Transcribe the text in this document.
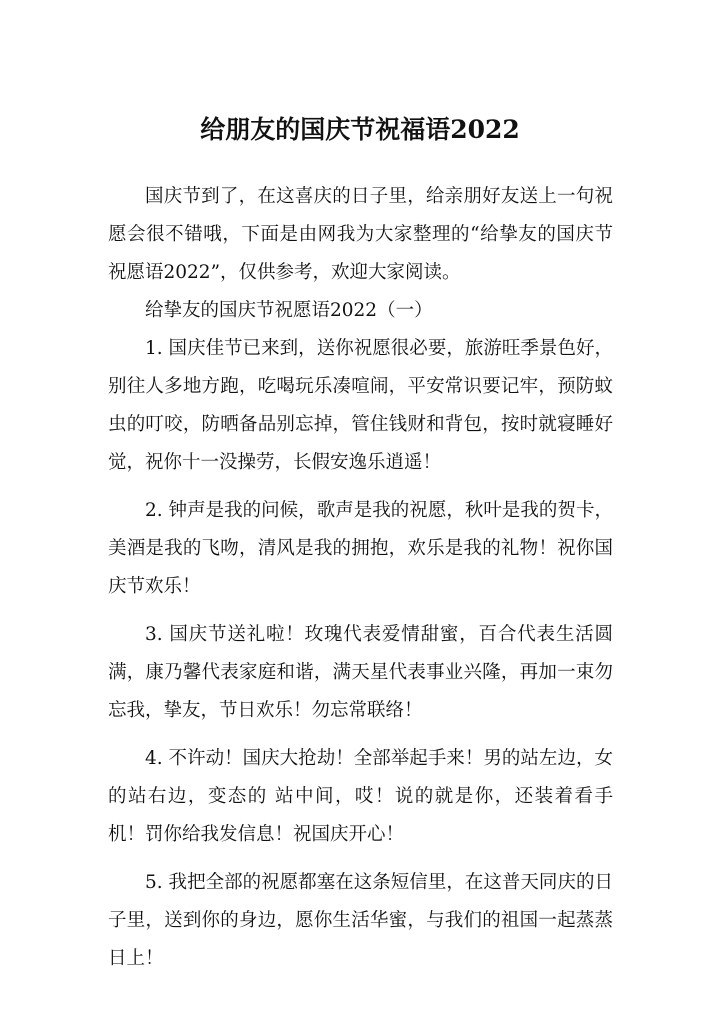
给朋友的国庆节祝福语2022

国庆节到了，在这喜庆的日子里，给亲朋好友送上一句祝愿会很不错哦，下面是由网我为大家整理的“给挚友的国庆节祝愿语2022”，仅供参考，欢迎大家阅读。

给挚友的国庆节祝愿语2022（一）

1. 国庆佳节已来到，送你祝愿很必要，旅游旺季景色好，别往人多地方跑，吃喝玩乐凑喧闹，平安常识要记牢，预防蚊虫的叮咬，防晒备品别忘掉，管住钱财和背包，按时就寝睡好觉，祝你十一没操劳，长假安逸乐逍遥！

2. 钟声是我的问候，歌声是我的祝愿，秋叶是我的贺卡，美酒是我的飞吻，清风是我的拥抱，欢乐是我的礼物！祝你国庆节欢乐！

3. 国庆节送礼啦！玫瑰代表爱情甜蜜，百合代表生活圆满，康乃馨代表家庭和谐，满天星代表事业兴隆，再加一束勿忘我，挚友，节日欢乐！勿忘常联络！

4. 不许动！国庆大抢劫！全部举起手来！男的站左边，女的站右边，变态的 站中间，哎！说的就是你，还装着看手机！罚你给我发信息！祝国庆开心！

5. 我把全部的祝愿都塞在这条短信里，在这普天同庆的日子里，送到你的身边，愿你生活华蜜，与我们的祖国一起蒸蒸日上！
